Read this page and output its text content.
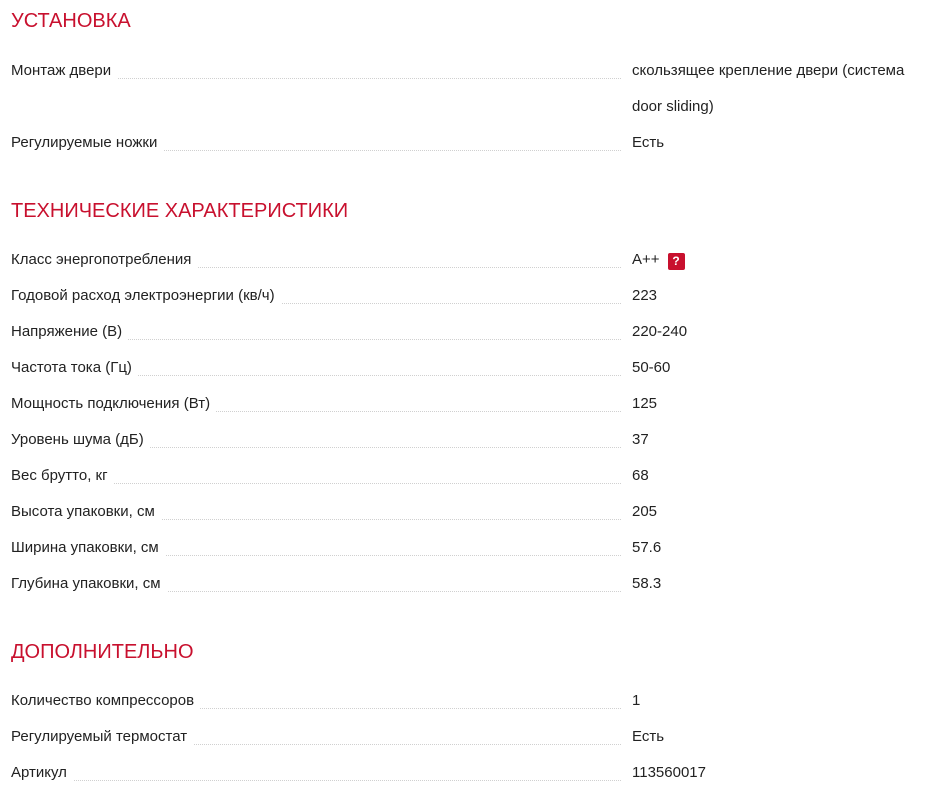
УСТАНОВКА
Монтаж двери	скользящее крепление двери (система door sliding)
Регулируемые ножки	Есть
ТЕХНИЧЕСКИЕ ХАРАКТЕРИСТИКИ
Класс энергопотребления	A++ ?
Годовой расход электроэнергии (кв/ч)	223
Напряжение (В)	220-240
Частота тока (Гц)	50-60
Мощность подключения (Вт)	125
Уровень шума (дБ)	37
Вес брутто, кг	68
Высота упаковки, см	205
Ширина упаковки, см	57.6
Глубина упаковки, см	58.3
ДОПОЛНИТЕЛЬНО
Количество компрессоров	1
Регулируемый термостат	Есть
Артикул	113560017
